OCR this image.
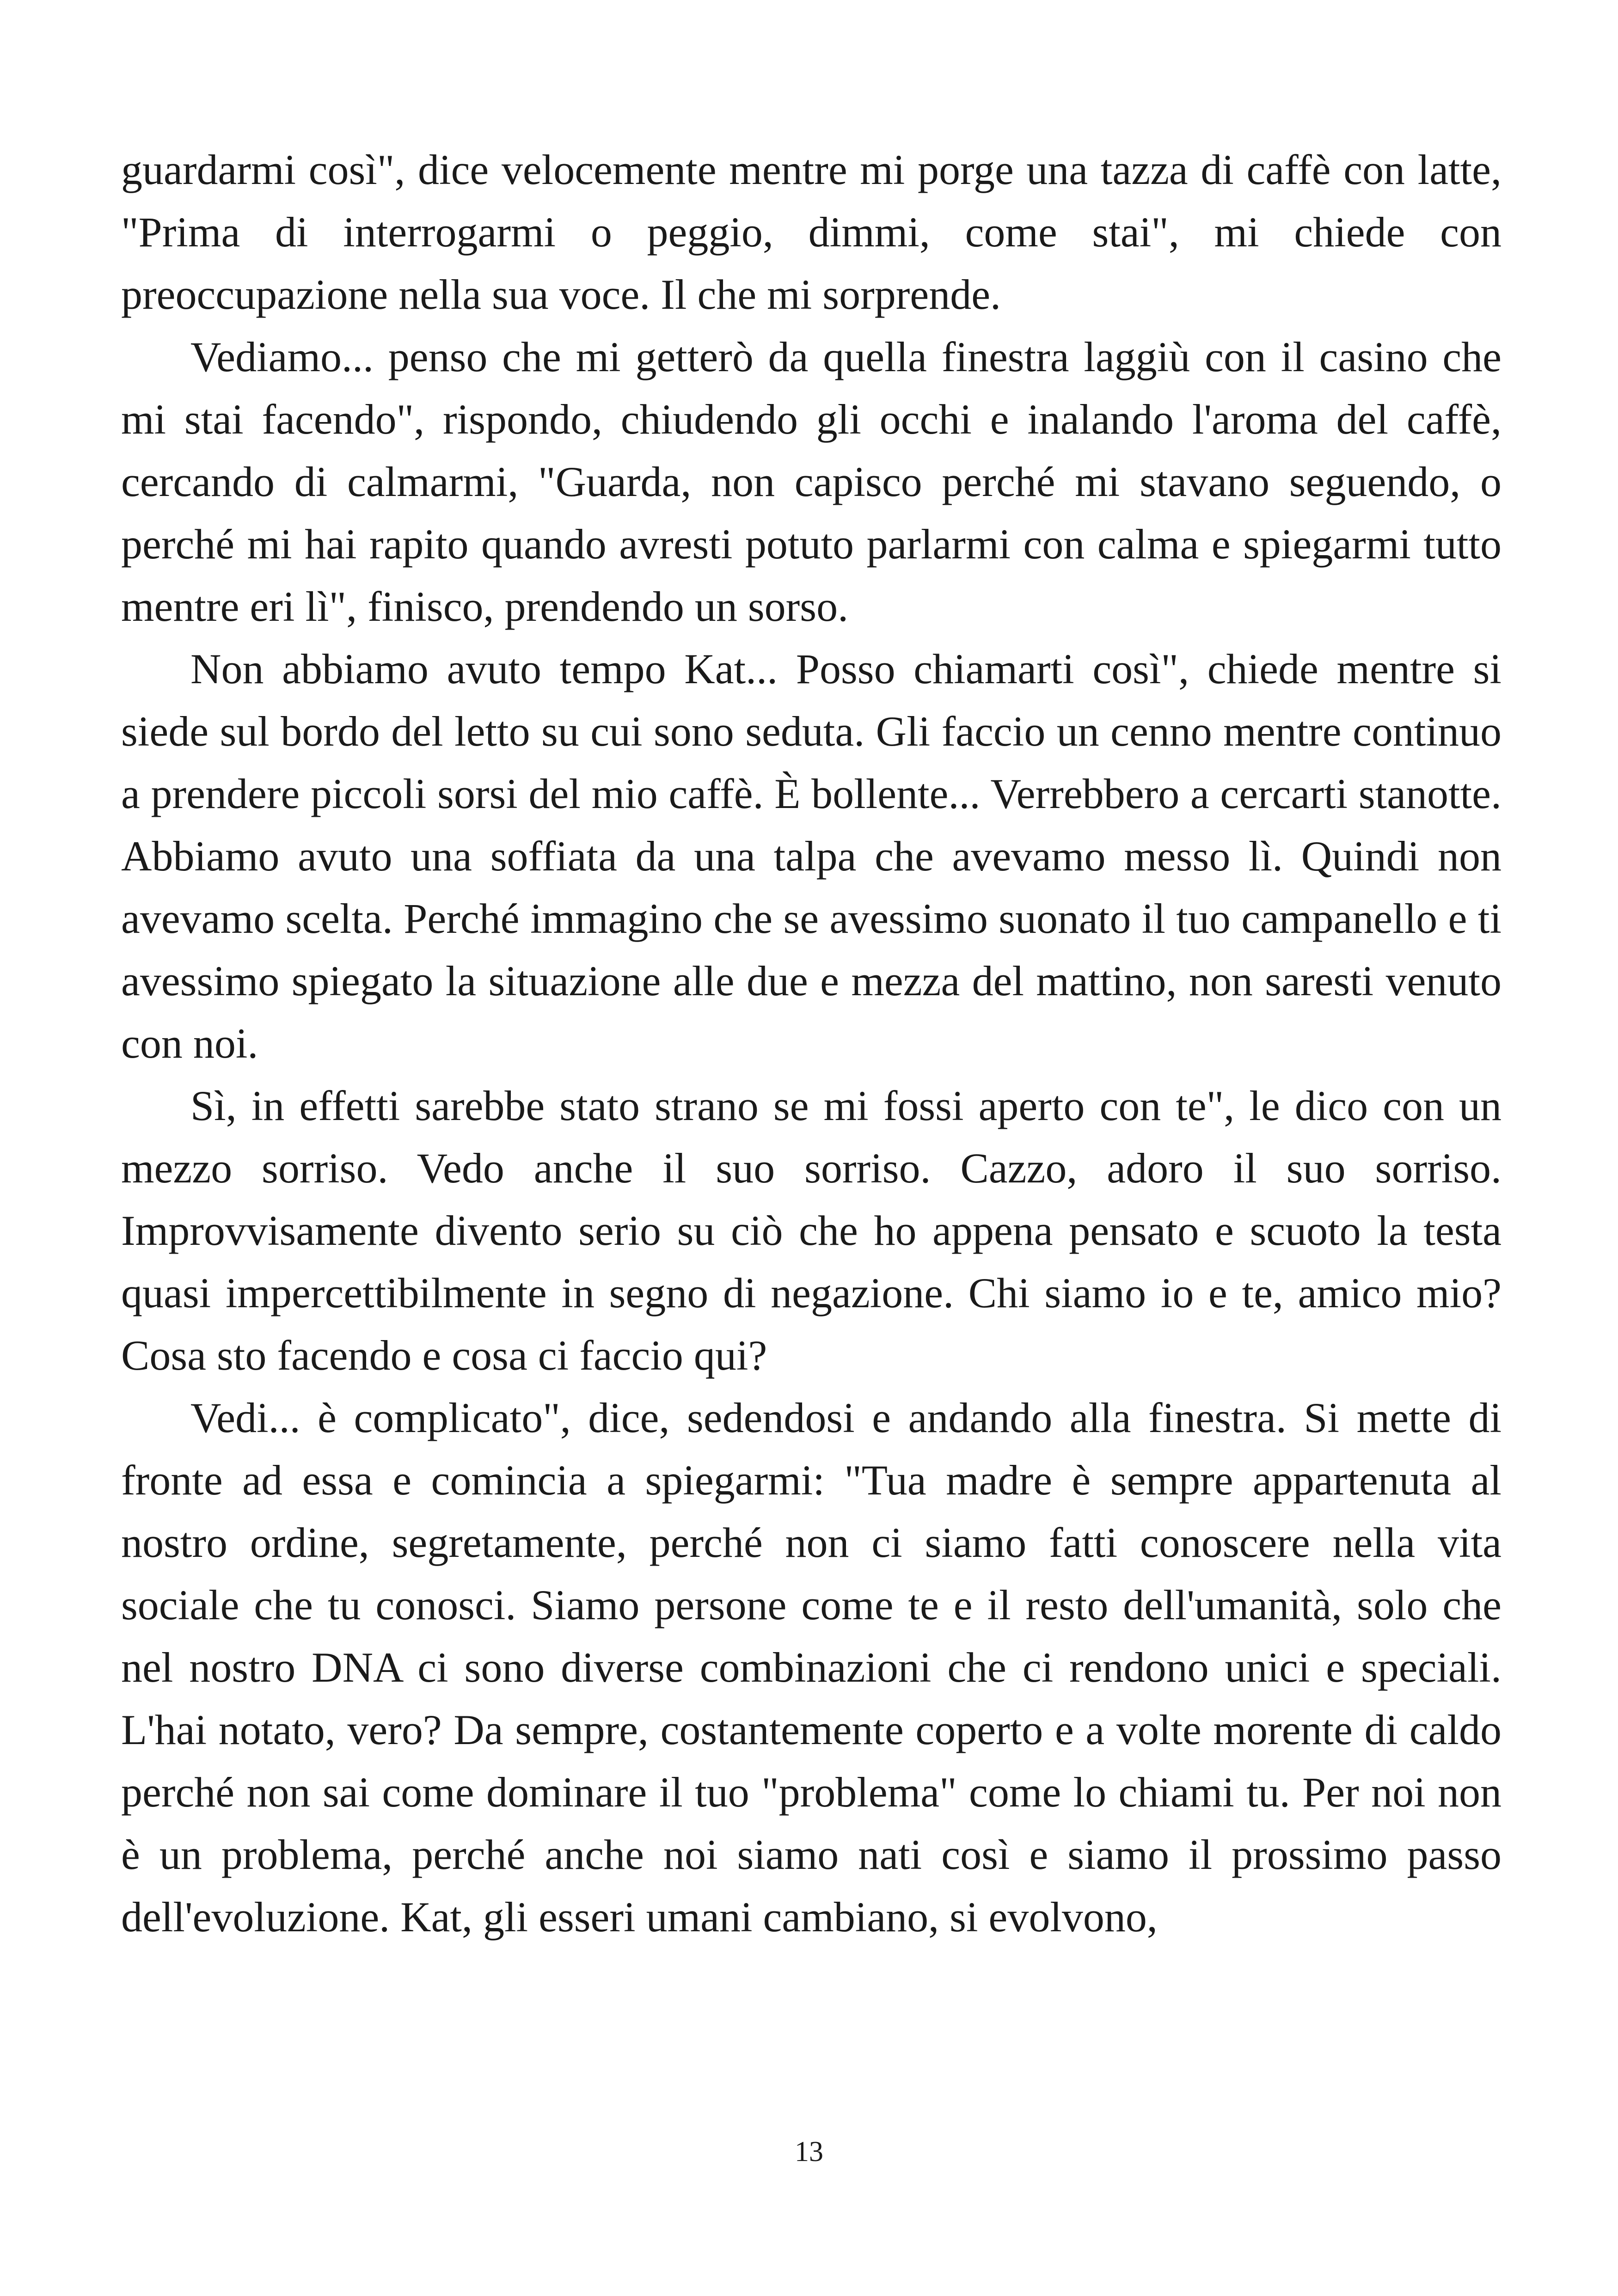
guardarmi così", dice velocemente mentre mi porge una tazza di caffè con latte, "Prima di interrogarmi o peggio, dimmi, come stai", mi chiede con preoccupazione nella sua voce. Il che mi sorprende.

Vediamo... penso che mi getterò da quella finestra laggiù con il casino che mi stai facendo", rispondo, chiudendo gli occhi e inalando l'aroma del caffè, cercando di calmarmi, "Guarda, non capisco perché mi stavano seguendo, o perché mi hai rapito quando avresti potuto parlarmi con calma e spiegarmi tutto mentre eri lì", finisco, prendendo un sorso.

Non abbiamo avuto tempo Kat... Posso chiamarti così", chiede mentre si siede sul bordo del letto su cui sono seduta. Gli faccio un cenno mentre continuo a prendere piccoli sorsi del mio caffè. È bollente... Verrebbero a cercarti stanotte. Abbiamo avuto una soffiata da una talpa che avevamo messo lì. Quindi non avevamo scelta. Perché immagino che se avessimo suonato il tuo campanello e ti avessimo spiegato la situazione alle due e mezza del mattino, non saresti venuto con noi.

Sì, in effetti sarebbe stato strano se mi fossi aperto con te", le dico con un mezzo sorriso. Vedo anche il suo sorriso. Cazzo, adoro il suo sorriso. Improvvisamente divento serio su ciò che ho appena pensato e scuoto la testa quasi impercettibilmente in segno di negazione. Chi siamo io e te, amico mio? Cosa sto facendo e cosa ci faccio qui?

Vedi... è complicato", dice, sedendosi e andando alla finestra. Si mette di fronte ad essa e comincia a spiegarmi: "Tua madre è sempre appartenuta al nostro ordine, segretamente, perché non ci siamo fatti conoscere nella vita sociale che tu conosci. Siamo persone come te e il resto dell'umanità, solo che nel nostro DNA ci sono diverse combinazioni che ci rendono unici e speciali. L'hai notato, vero? Da sempre, costantemente coperto e a volte morente di caldo perché non sai come dominare il tuo "problema" come lo chiami tu. Per noi non è un problema, perché anche noi siamo nati così e siamo il prossimo passo dell'evoluzione. Kat, gli esseri umani cambiano, si evolvono,

13
